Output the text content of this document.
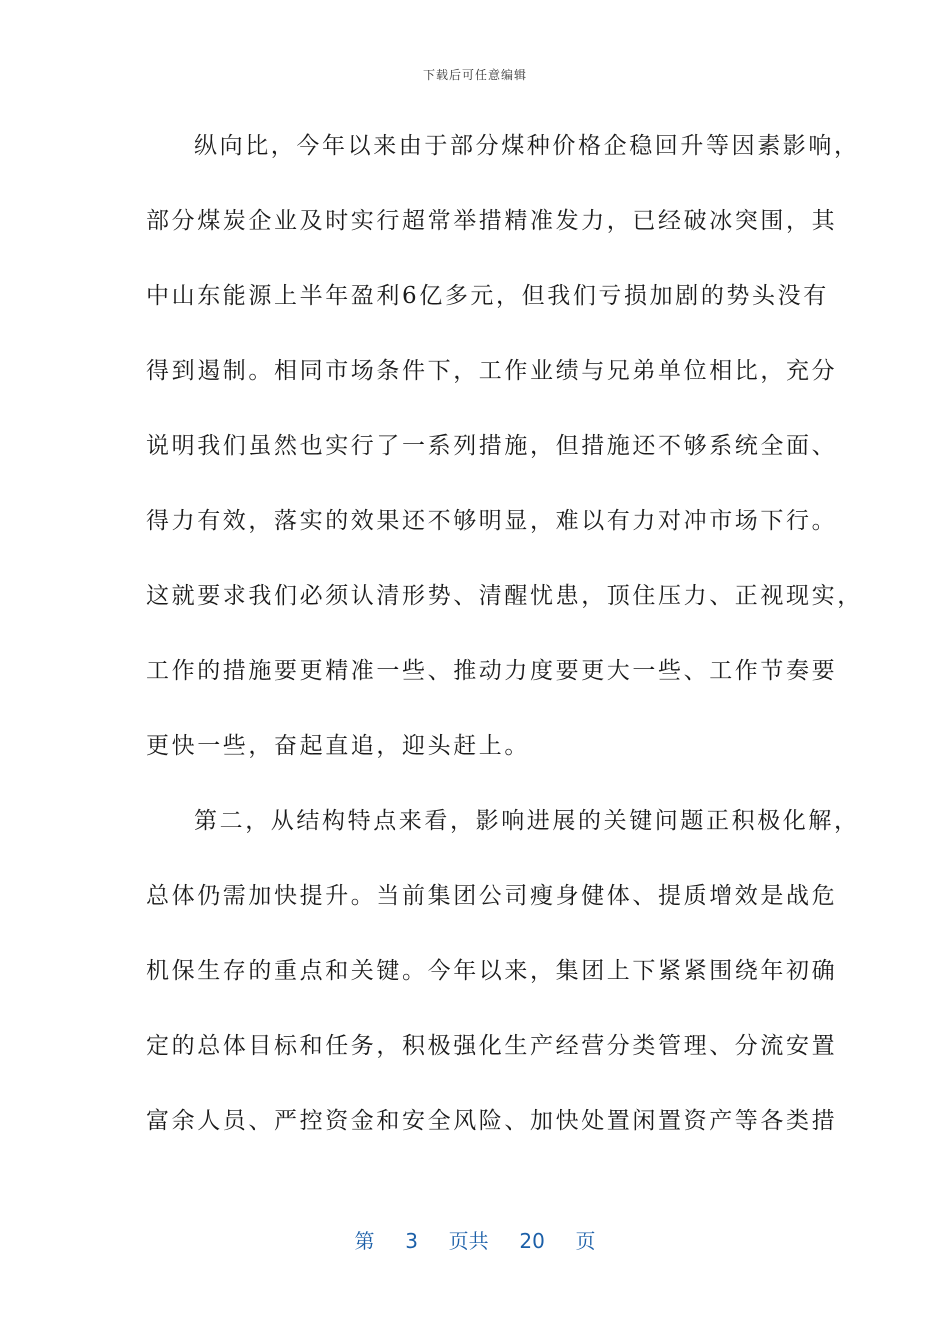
下载后可任意编辑
纵向比，今年以来由于部分煤种价格企稳回升等因素影响，
部分煤炭企业及时实行超常举措精准发力，已经破冰突围，其
中山东能源上半年盈利6亿多元，但我们亏损加剧的势头没有
得到遏制。相同市场条件下，工作业绩与兄弟单位相比，充分
说明我们虽然也实行了一系列措施，但措施还不够系统全面、
得力有效，落实的效果还不够明显，难以有力对冲市场下行。
这就要求我们必须认清形势、清醒忧患，顶住压力、正视现实，
工作的措施要更精准一些、推动力度要更大一些、工作节奏要
更快一些，奋起直追，迎头赶上。
第二，从结构特点来看，影响进展的关键问题正积极化解，
总体仍需加快提升。当前集团公司瘦身健体、提质增效是战危
机保生存的重点和关键。今年以来，集团上下紧紧围绕年初确
定的总体目标和任务，积极强化生产经营分类管理、分流安置
富余人员、严控资金和安全风险、加快处置闲置资产等各类措
第 3 页共 20 页
